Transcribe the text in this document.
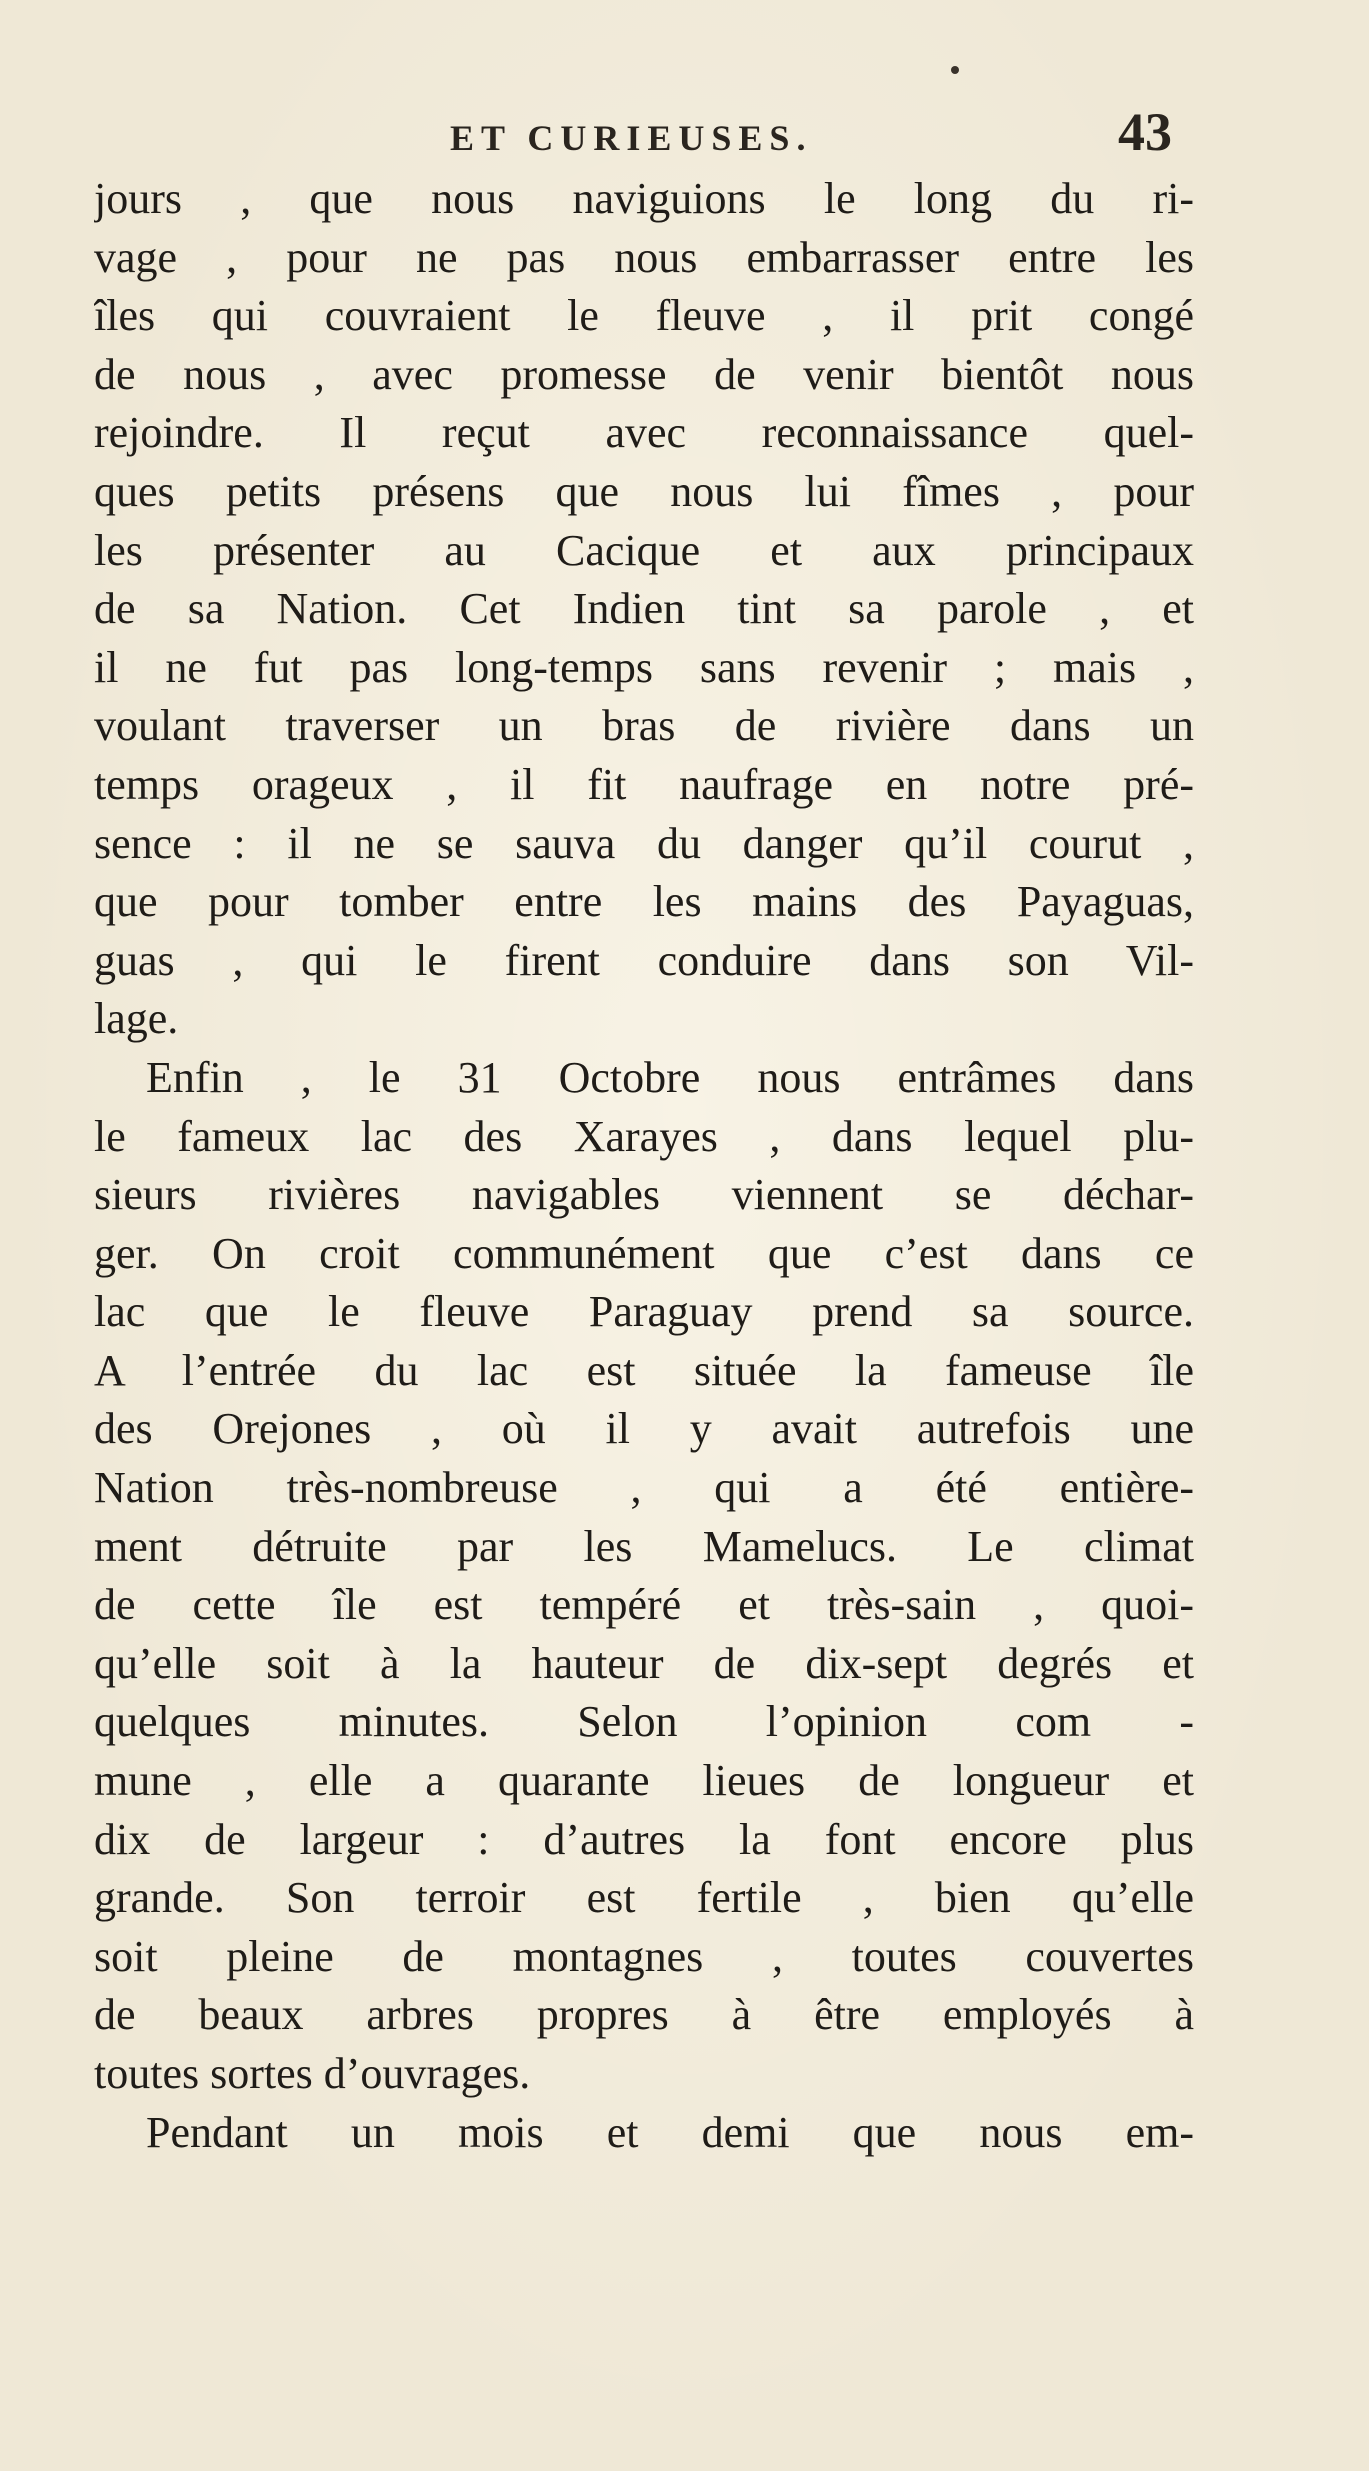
ET CURIEUSES.	43
jours , que nous naviguions le long du ri-
vage , pour ne pas nous embarrasser entre les
îles qui couvraient le fleuve , il prit congé
de nous , avec promesse de venir bientôt nous
rejoindre. Il reçut avec reconnaissance quel-
ques petits présens que nous lui fîmes , pour
les présenter au Cacique et aux principaux
de sa Nation. Cet Indien tint sa parole , et
il ne fut pas long-temps sans revenir ; mais ,
voulant traverser un bras de rivière dans un
temps orageux , il fit naufrage en notre pré-
sence : il ne se sauva du danger qu’il courut ,
que pour tomber entre les mains des Payaguas,
guas , qui le firent conduire dans son Vil-
lage.
Enfin , le 31 Octobre nous entrâmes dans
le fameux lac des Xarayes , dans lequel plu-
sieurs rivières navigables viennent se déchar-
ger. On croit communément que c’est dans ce
lac que le fleuve Paraguay prend sa source.
A l’entrée du lac est située la fameuse île
des Orejones , où il y avait autrefois une
Nation très-nombreuse , qui a été entière-
ment détruite par les Mamelucs. Le climat
de cette île est tempéré et très-sain , quoi-
qu’elle soit à la hauteur de dix-sept degrés et
quelques minutes. Selon l’opinion com -
mune , elle a quarante lieues de longueur et
dix de largeur : d’autres la font encore plus
grande. Son terroir est fertile , bien qu’elle
soit pleine de montagnes , toutes couvertes
de beaux arbres propres à être employés à
toutes sortes d’ouvrages.
Pendant un mois et demi que nous em-
